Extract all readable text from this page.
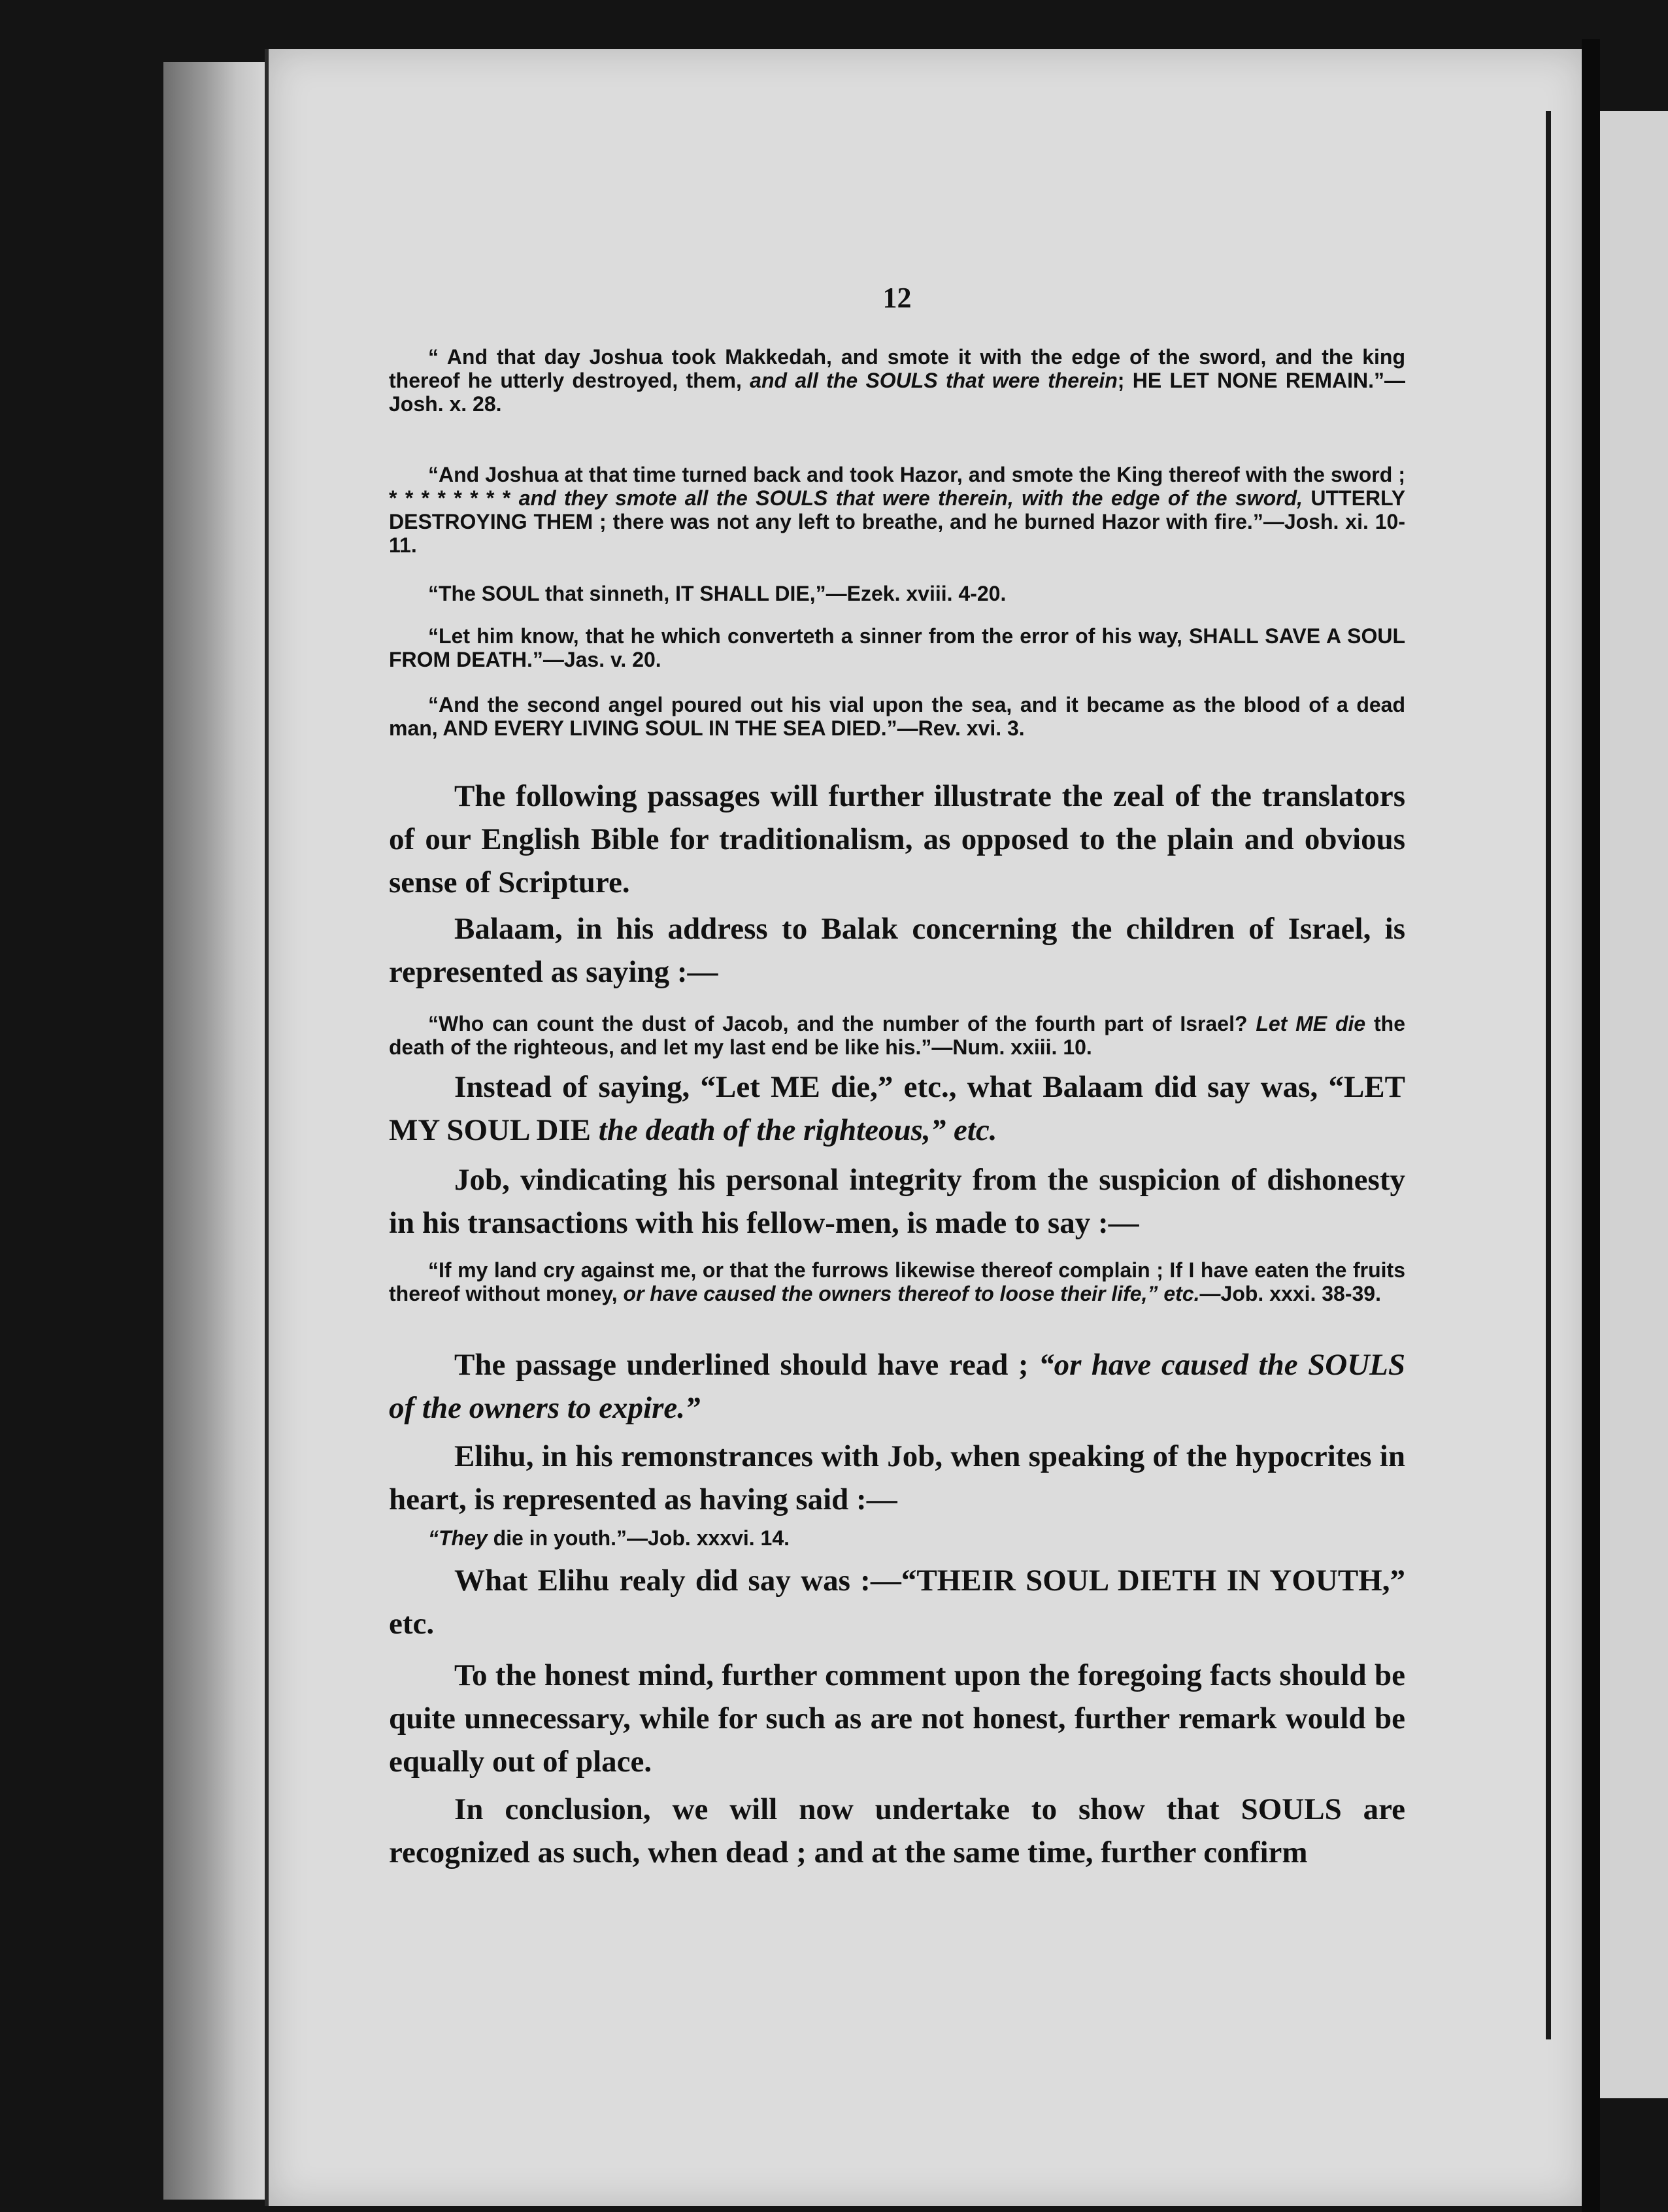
12

“ And that day Joshua took Makkedah, and smote it with the edge of the sword, and the king thereof he utterly destroyed, them, and all the SOULS that were therein; HE LET NONE REMAIN.”—Josh. x. 28.

“And Joshua at that time turned back and took Hazor, and smote the King thereof with the sword ; * * * * * * * * and they smote all the SOULS that were therein, with the edge of the sword, UTTERLY DESTROYING THEM ; there was not any left to breathe, and he burned Hazor with fire.”—Josh. xi. 10-11.

“The SOUL that sinneth, IT SHALL DIE,”—Ezek. xviii. 4-20.

“Let him know, that he which converteth a sinner from the error of his way, SHALL SAVE A SOUL FROM DEATH.”—Jas. v. 20.

“And the second angel poured out his vial upon the sea, and it became as the blood of a dead man, AND EVERY LIVING SOUL IN THE SEA DIED.”—Rev. xvi. 3.

The following passages will further illustrate the zeal of the translators of our English Bible for traditionalism, as opposed to the plain and obvious sense of Scripture.

Balaam, in his address to Balak concerning the children of Israel, is represented as saying :—

“Who can count the dust of Jacob, and the number of the fourth part of Israel? Let ME die the death of the righteous, and let my last end be like his.”—Num. xxiii. 10.

Instead of saying, “Let ME die,” etc., what Balaam did say was, “LET MY SOUL DIE the death of the righteous,” etc.

Job, vindicating his personal integrity from the suspicion of dishonesty in his transactions with his fellow-men, is made to say :—

“If my land cry against me, or that the furrows likewise thereof complain ; If I have eaten the fruits thereof without money, or have caused the owners thereof to loose their life,” etc.—Job. xxxi. 38-39.

The passage underlined should have read ; “or have caused the SOULS of the owners to expire.”

Elihu, in his remonstrances with Job, when speaking of the hypocrites in heart, is represented as having said :—

“They die in youth.”—Job. xxxvi. 14.

What Elihu realy did say was :—“THEIR SOUL DIETH IN YOUTH,” etc.

To the honest mind, further comment upon the foregoing facts should be quite unnecessary, while for such as are not honest, further remark would be equally out of place.

In conclusion, we will now undertake to show that SOULS are recognized as such, when dead ; and at the same time, further confirm
